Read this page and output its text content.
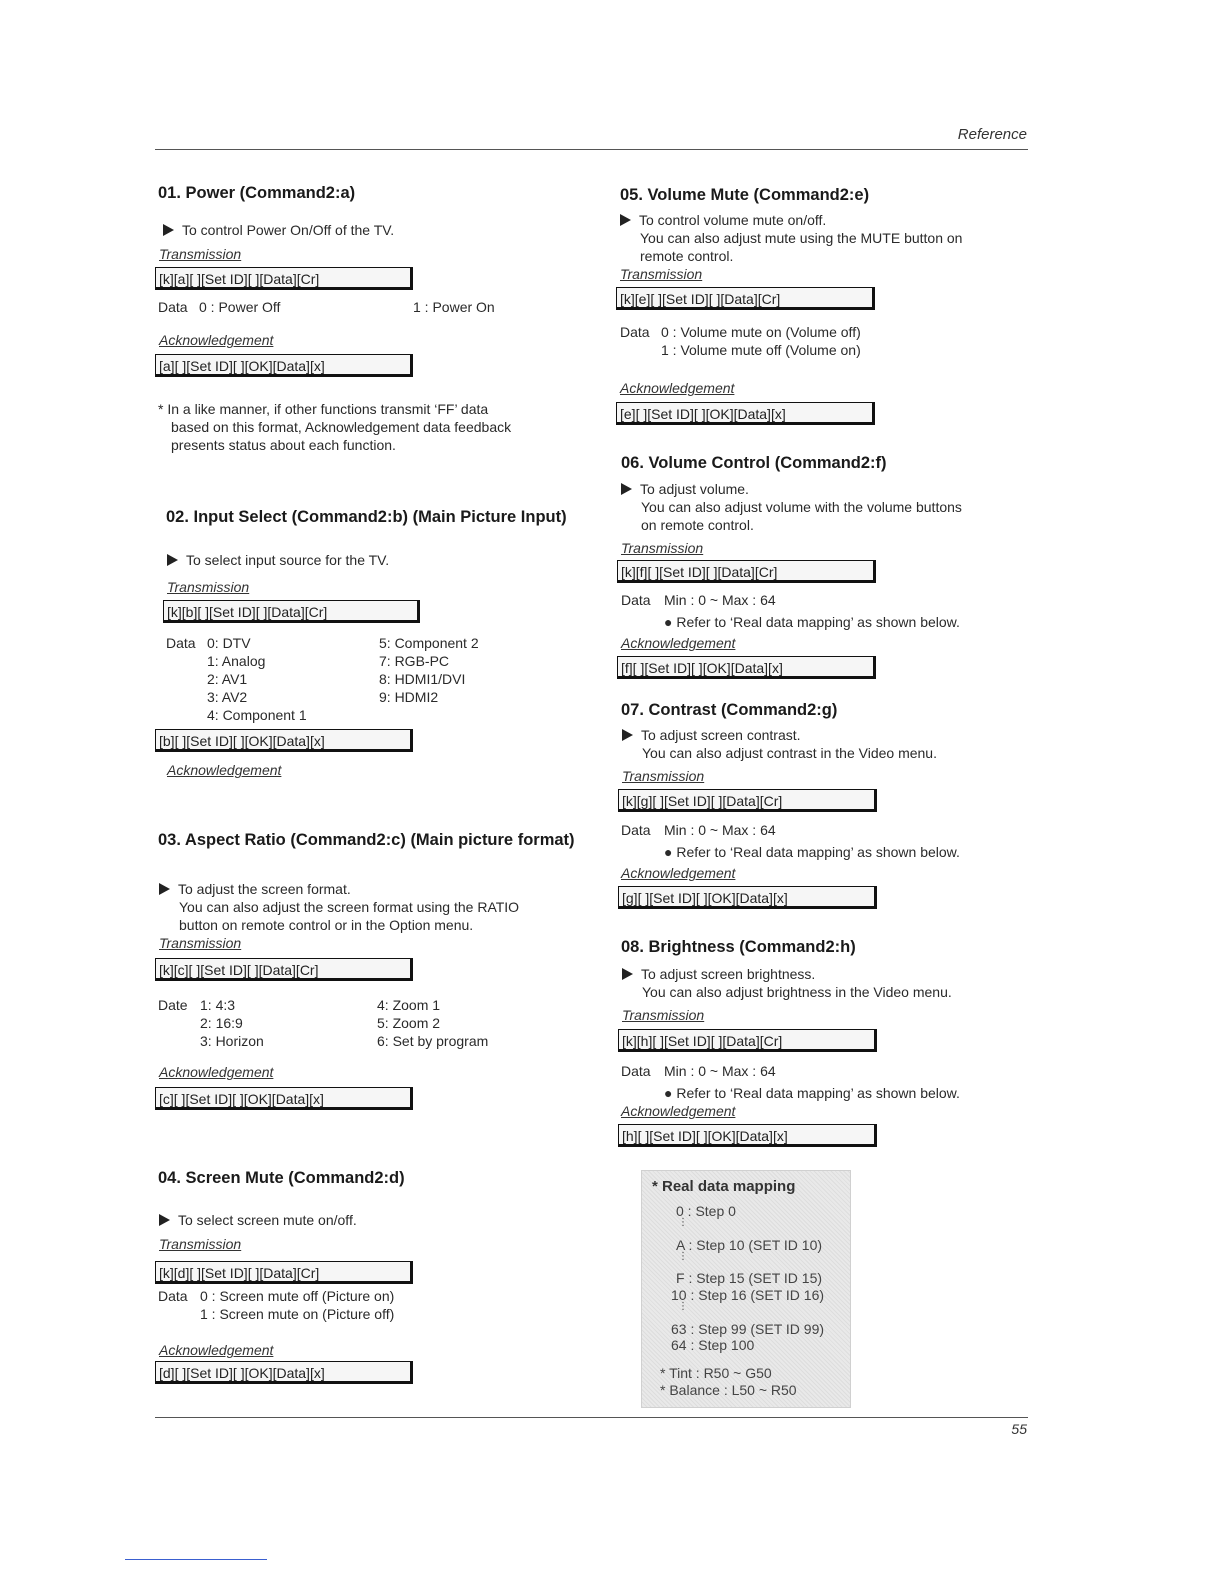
Reference
01. Power (Command2:a)
To control Power On/Off of the TV.
Transmission
[k][a][ ][Set ID][ ][Data][Cr]
Data 0 : Power Off	1 : Power On
Acknowledgement
[a][ ][Set ID][ ][OK][Data][x]
* In a like manner, if other functions transmit ‘FF’ data
based on this format, Acknowledgement data feedback
presents status about each function.
02. Input Select (Command2:b) (Main Picture Input)
To select input source for the TV.
Transmission
[k][b][ ][Set ID][ ][Data][Cr]
Data 0: DTV
1: Analog
2: AV1
3: AV2
4: Component 1
5: Component 2
7: RGB-PC
8: HDMI1/DVI
9: HDMI2
[b][ ][Set ID][ ][OK][Data][x]
Acknowledgement
03. Aspect Ratio (Command2:c) (Main picture format)
To adjust the screen format.
You can also adjust the screen format using the RATIO
button on remote control or in the Option menu.
Transmission
[k][c][ ][Set ID][ ][Data][Cr]
Date 1: 4:3
2: 16:9
3: Horizon
4: Zoom 1
5: Zoom 2
6: Set by program
Acknowledgement
[c][ ][Set ID][ ][OK][Data][x]
04. Screen Mute (Command2:d)
To select screen mute on/off.
Transmission
[k][d][ ][Set ID][ ][Data][Cr]
Data 0 : Screen mute off (Picture on)
1 : Screen mute on (Picture off)
Acknowledgement
[d][ ][Set ID][ ][OK][Data][x]
05. Volume Mute (Command2:e)
To control volume mute on/off.
You can also adjust mute using the MUTE button on
remote control.
Transmission
[k][e][ ][Set ID][ ][Data][Cr]
Data 0 : Volume mute on (Volume off)
1 : Volume mute off (Volume on)
Acknowledgement
[e][ ][Set ID][ ][OK][Data][x]
06. Volume Control (Command2:f)
To adjust volume.
You can also adjust volume with the volume buttons
on remote control.
Transmission
[k][f][ ][Set ID][ ][Data][Cr]
Data Min : 0 ~ Max : 64
● Refer to ‘Real data mapping’ as shown below.
Acknowledgement
[f][ ][Set ID][ ][OK][Data][x]
07. Contrast (Command2:g)
To adjust screen contrast.
You can also adjust contrast in the Video menu.
Transmission
[k][g][ ][Set ID][ ][Data][Cr]
Data Min : 0 ~ Max : 64
● Refer to ‘Real data mapping’ as shown below.
Acknowledgement
[g][ ][Set ID][ ][OK][Data][x]
08. Brightness (Command2:h)
To adjust screen brightness.
You can also adjust brightness in the Video menu.
Transmission
[k][h][ ][Set ID][ ][Data][Cr]
Data Min : 0 ~ Max : 64
● Refer to ‘Real data mapping’ as shown below.
Acknowledgement
[h][ ][Set ID][ ][OK][Data][x]
* Real data mapping
0 : Step 0
⋮
A : Step 10 (SET ID 10)
⋮
F : Step 15 (SET ID 15)
10 : Step 16 (SET ID 16)
⋮
63 : Step 99 (SET ID 99)
64 : Step 100
* Tint : R50 ~ G50
* Balance : L50 ~ R50
55
